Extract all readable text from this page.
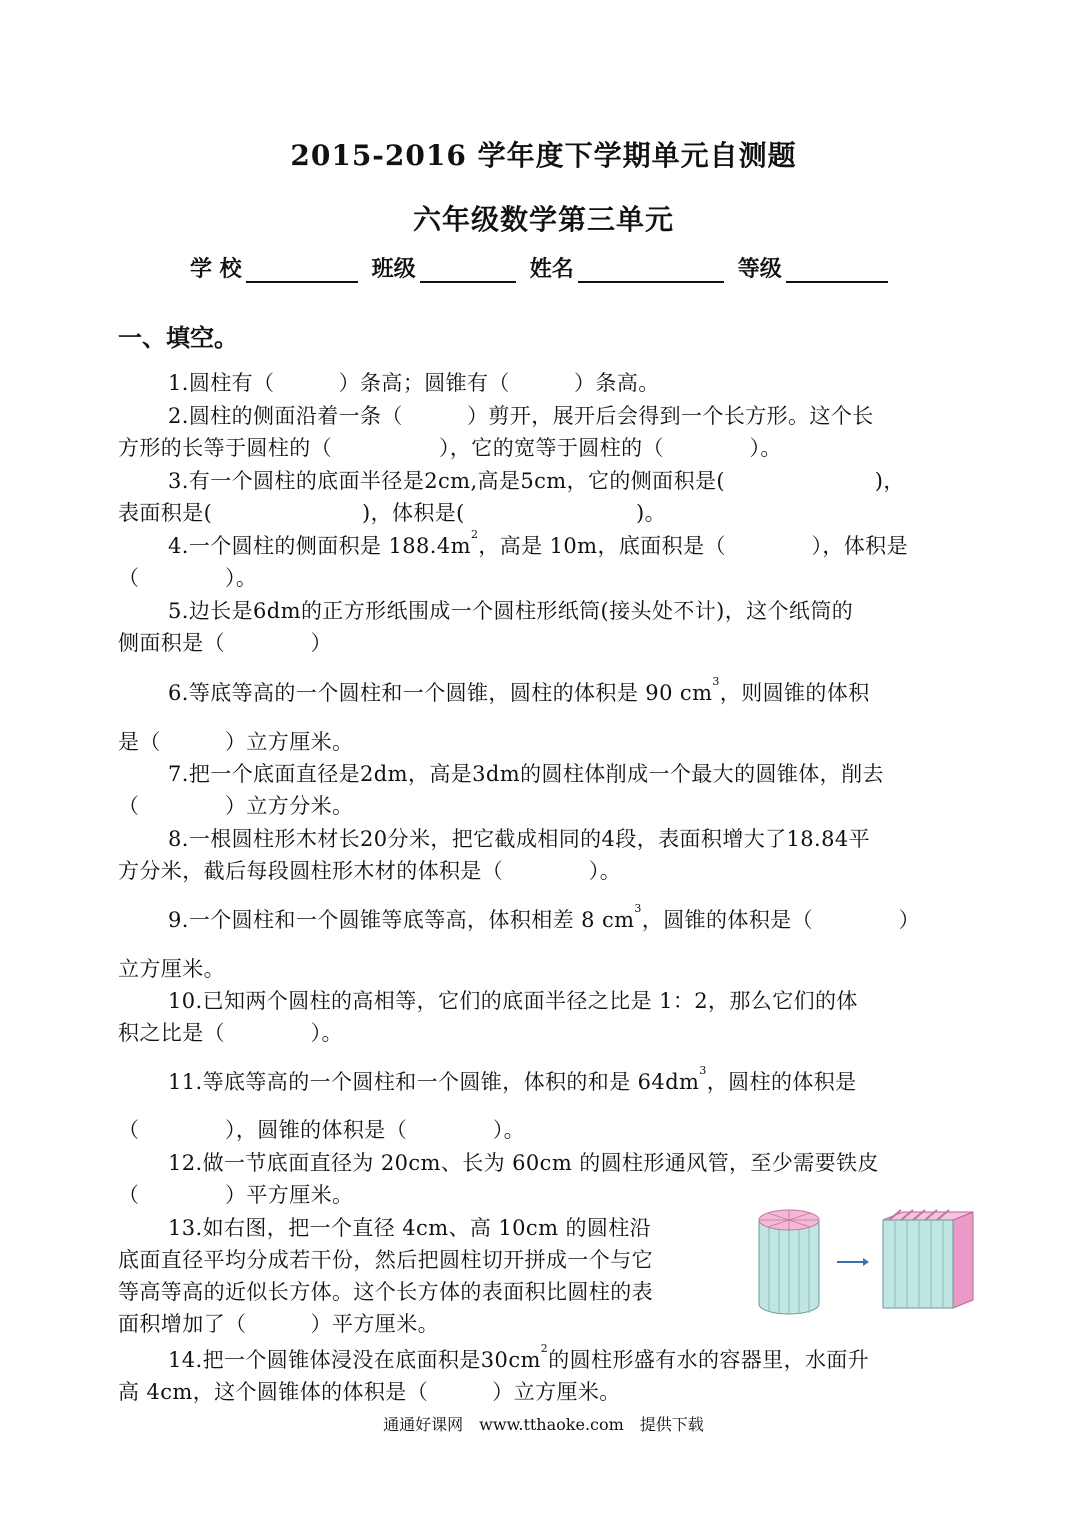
2015-2016 学年度下学期单元自测题
六年级数学第三单元
学 校	班级	姓名	等级
一、填空。
1.圆柱有（　　　）条高；圆锥有（　　　）条高。
2.圆柱的侧面沿着一条（　　　）剪开，展开后会得到一个长方形。这个长
方形的长等于圆柱的（　　　　　），它的宽等于圆柱的（　　　　）。
3.有一个圆柱的底面半径是2cm,高是5cm，它的侧面积是(　　　　　　　)，
表面积是(　　　　　　　)，体积是(　　　　　　　　)。
4.一个圆柱的侧面积是 $188.4m^2$，高是 10m，底面积是（　　　　），体积是
（　　　　）。
5.边长是6dm的正方形纸围成一个圆柱形纸筒(接头处不计)，这个纸筒的
侧面积是（　　　　）
6.等底等高的一个圆柱和一个圆锥，圆柱的体积是 90 $cm^3$，则圆锥的体积
是（　　　）立方厘米。
7.把一个底面直径是2dm，高是3dm的圆柱体削成一个最大的圆锥体，削去
（　　　　）立方分米。
8.一根圆柱形木材长20分米，把它截成相同的4段，表面积增大了18.84平
方分米，截后每段圆柱形木材的体积是（　　　　）。
9.一个圆柱和一个圆锥等底等高，体积相差 8 $cm^3$，圆锥的体积是（　　　　）
立方厘米。
10.已知两个圆柱的高相等，它们的底面半径之比是 1：2，那么它们的体
积之比是（　　　　）。
11.等底等高的一个圆柱和一个圆锥，体积的和是 $64dm^3$，圆柱的体积是
（　　　　），圆锥的体积是（　　　　）。
12.做一节底面直径为 20cm、长为 60cm 的圆柱形通风管，至少需要铁皮
（　　　　）平方厘米。
13.如右图，把一个直径 4cm、高 10cm 的圆柱沿
底面直径平均分成若干份，然后把圆柱切开拼成一个与它
等高等高的近似长方体。这个长方体的表面积比圆柱的表
面积增加了（　　　）平方厘米。
14.把一个圆锥体浸没在底面积是$30cm^2$的圆柱形盛有水的容器里，水面升
高 4cm，这个圆锥体的体积是（　　　）立方厘米。
通通好课网　www.tthaoke.com　提供下载
